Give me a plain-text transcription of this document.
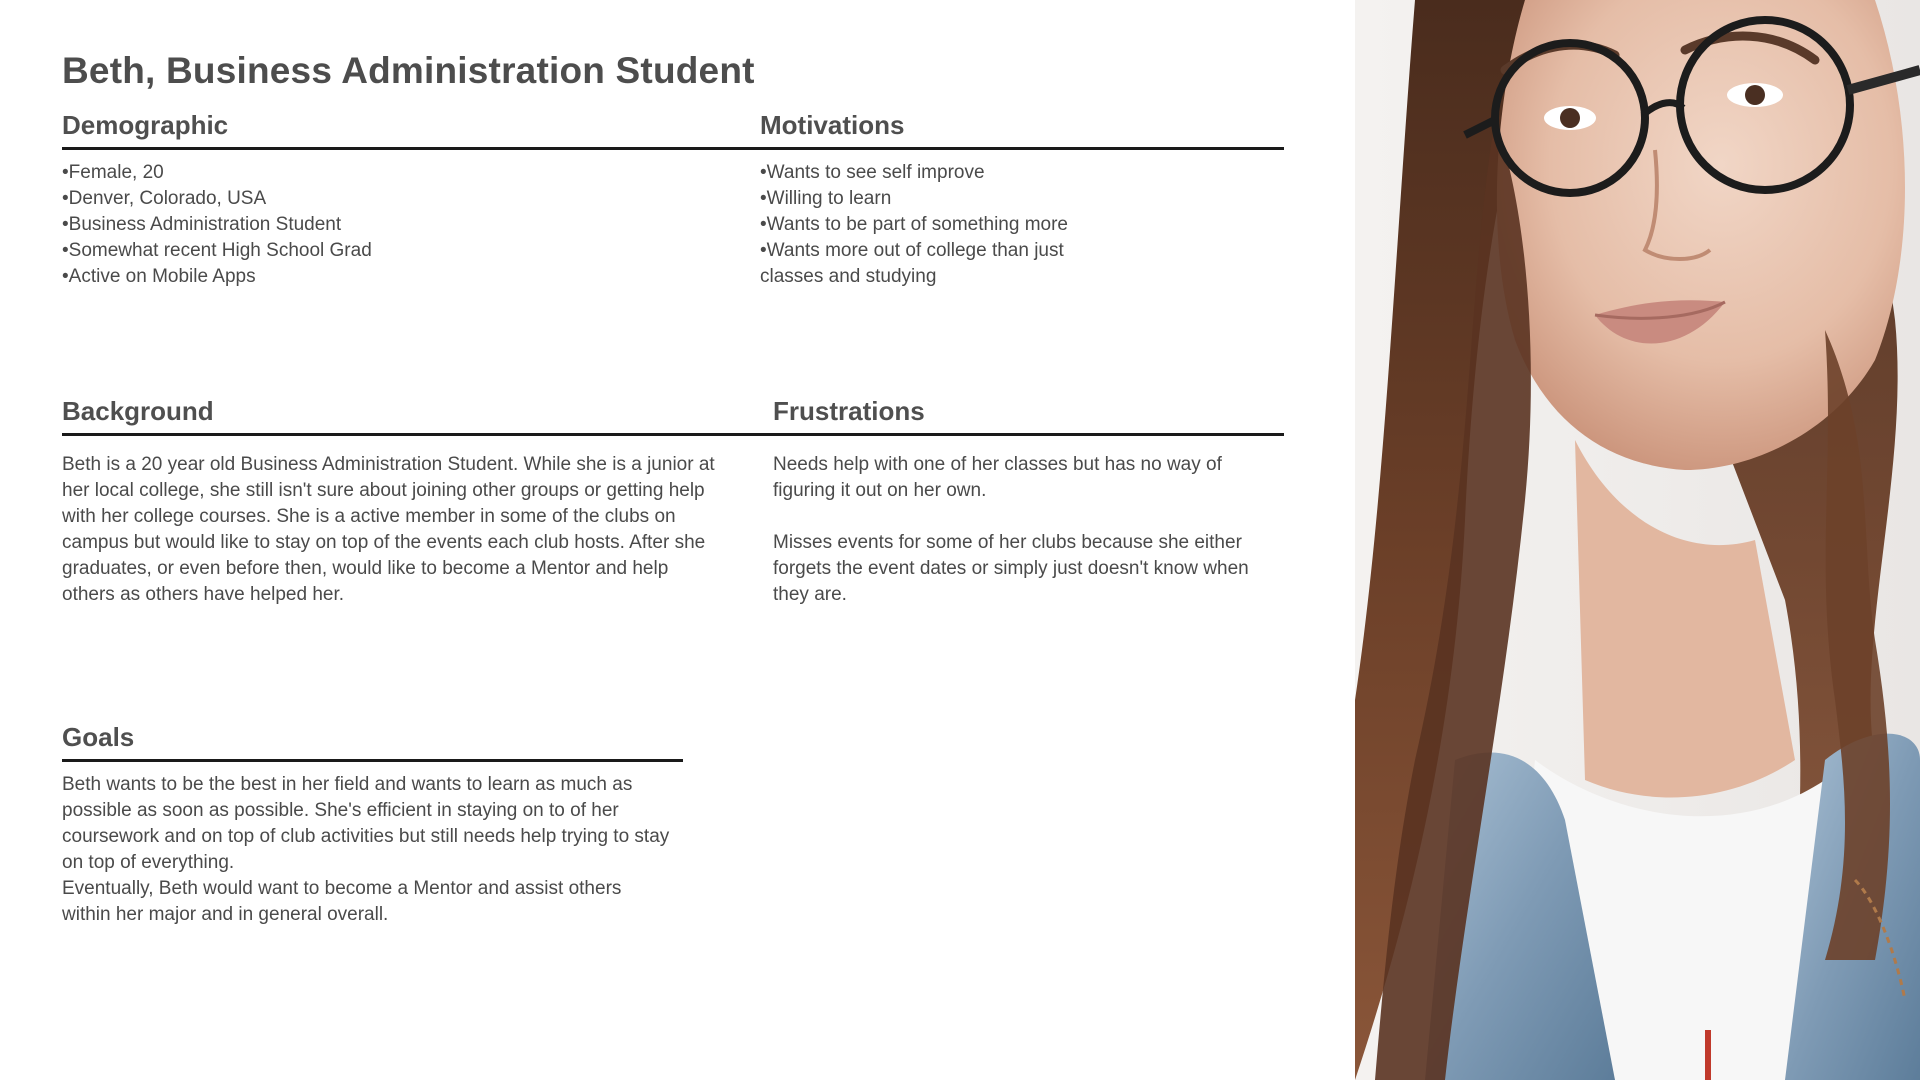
Beth, Business Administration Student
Demographic
• Female, 20
• Denver, Colorado, USA
• Business Administration Student
• Somewhat recent High School Grad
• Active on Mobile Apps
Motivations
• Wants to see self improve
• Willing to learn
• Wants to be part of something more
• Wants more out of college than just classes and studying
Background

Beth is a 20 year old Business Administration Student. While she is a junior at her local college, she still isn't sure about joining other groups or getting help with her college courses. She is a active member in some of the clubs on campus but would like to stay on top of the events each club hosts. After she graduates, or even before then, would like to become a Mentor and help others as others have helped her.

Frustrations

Needs help with one of her classes but has no way of figuring it out on her own.

Misses events for some of her clubs because she either forgets the event dates or simply just doesn't know when they are.

Goals

Beth wants to be the best in her field and wants to learn as much as possible as soon as possible. She's efficient in staying on to of her coursework and on top of club activities but still needs help trying to stay on top of everything.

Eventually, Beth would want to become a Mentor and assist others within her major and in general overall.
